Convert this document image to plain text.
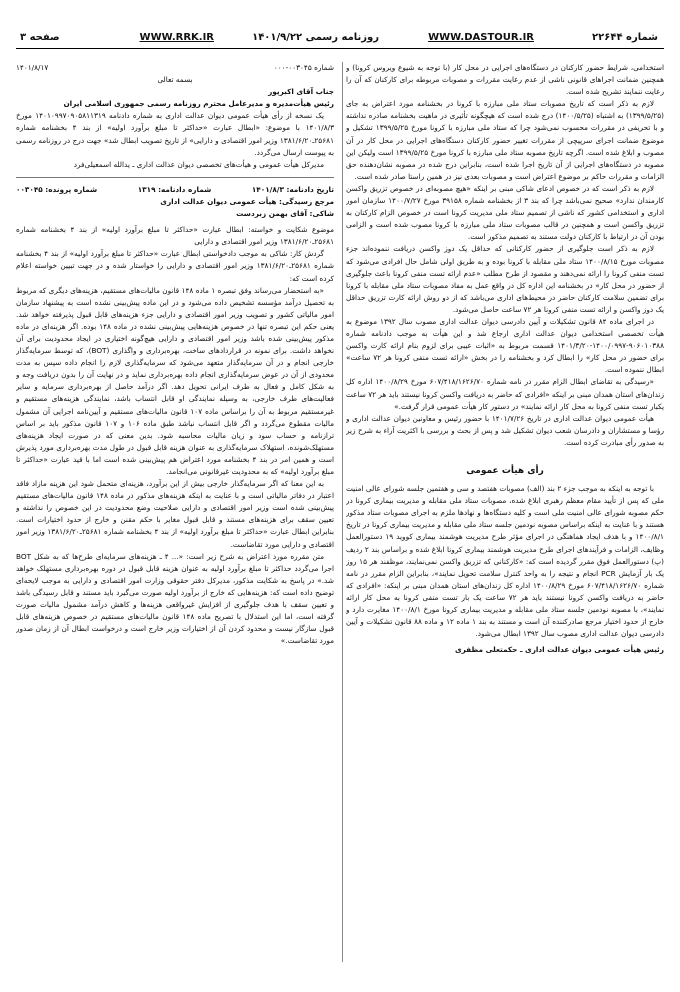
شماره ۲۲۶۴۴
WWW.DASTOUR.IR
روزنامه رسمی ۱۴۰۱/۹/۲۲
WWW.RRK.IR
صفحه ۳

استخدامی، شرایط حضور کارکنان در دستگاه‌های اجرایی در محل کار (با توجه به شیوع ویروس کرونا) و همچنین ضمانت اجراهای قانونی ناشی از عدم رعایت مقررات و مصوبات مربوطه برای کارکنان که آن را رعایت ننمایند تشریح شده است.

لازم به ذکر است که تاریخ مصوبات ستاد ملی مبارزه با کرونا در بخشنامه مورد اعتراض به جای (۱۳۹۹/۵/۲۵) به اشتباه (۱۴۰۰/۵/۲۵) درج شده است که هیچگونه تأثیری در ماهیت بخشنامه صادره نداشته و با تحریفی در مقررات محسوب نمی‌شود چرا که ستاد ملی مبارزه با کرونا مورخ ۱۳۹۹/۵/۲۵ تشکیل و موضوع ضمانت اجرای سرپیچی از مقررات تغییر حضور کارکنان دستگاه‌های اجرایی در محل کار در آن مصوب و ابلاغ شده است. اگرچه تاریخ مصوبه ستاد ملی مبارزه با کرونا مورخ ۱۳۹۹/۵/۲۵ است ولیکن این مصوبه در دستگاه‌های اجرایی از آن تاریخ اجرا شده است، بنابراین درج شده در مصوبه نشان‌دهنده حق الزامات و مقررات حاکم بر موضوع اعتراض است و مصوبات بعدی نیز در همین راستا صادر شده است.

لازم به ذکر است که در خصوص ادعای شاکی مبنی بر اینکه «هیچ مصوبه‌ای در خصوص تزریق واکسن کارمندان ندارد» صحیح نمی‌باشد چرا که بند ۳ از بخشنامه شماره ۳۹۱۵۸ مورخ ۱۴۰۰/۷/۲۷ سازمان امور اداری و استخدامی کشور که ناشی از تصمیم ستاد ملی مدیریت کرونا است در خصوص الزام کارکنان به تزریق واکسن است و همچنین در قالب مصوبات ستاد ملی مبارزه با کرونا مصوب شده است و الزامی بودن آن در ارتباط با کارکنان دولت مستند به تصمیم مذکور است.

لازم به ذکر است جلوگیری از حضور کارکنانی که حداقل یک دوز واکسن دریافت ننموده‌اند جزء مصوبات مورخ ۱۴۰۰/۸/۱۵ ستاد ملی مقابله با کرونا بوده و به طریق اولی شامل حال افرادی می‌شود که تست منفی کرونا را ارائه نمی‌دهند و مقصود از طرح مطلب «عدم ارائه تست منفی کرونا باعث جلوگیری از حضور در محل کار» در بخشنامه این اداره کل در واقع عمل به مفاد مصوبات ستاد ملی مقابله با کرونا برای تضمین سلامت کارکنان حاضر در محیط‌های اداری می‌باشد که از دو روش ارائه کارت تزریق حداقل یک دوز واکسن و ارائه تست منفی کرونا هر ۷۲ ساعت حاصل می‌شود.

در اجرای ماده ۸۴ قانون تشکیلات و آیین دادرسی دیوان عدالت اداری مصوب سال ۱۳۹۲ موضوع به هیأت تخصصی استخدامی دیوان عدالت اداری ارجاع شد و این هیأت به موجب دادنامه شماره ۹۰۶۰۱۰۳۸۸-۱۴۰۰/۰۹۹۷-۱۴۰۱/۳/۲۰ قسمت مربوط به «اثبات عیبی برای لزوم بنام ارائه کارت واکسن برای حضور در محل کار» را ابطال کرد و بخشنامه را در بخش «ارائه تست منفی کرونا هر ۷۲ ساعت» ابطال ننموده است.

«رسیدگی به تقاضای ابطال الزام مقرر در نامه شماره ۶۰۷/۴۱۸/۱۶۲۶/۷۰ مورخ ۱۴۰۰/۸/۲۹ اداره کل زندان‌های استان همدان مبنی بر اینکه «افرادی که حاضر به دریافت واکسن کرونا نیستند باید هر ۷۲ ساعت یکبار تست منفی کرونا به محل کار ارائه نمایند» در دستور کار هیأت عمومی قرار گرفت.»

هیأت عمومی دیوان عدالت اداری در تاریخ ۱۴۰۱/۷/۲۶ با حضور رئیس و معاونین دیوان عدالت اداری و رؤسا و مستشاران و دادرسان شعب دیوان تشکیل شد و پس از بحث و بررسی با اکثریت آراء به شرح زیر به صدور رأی مبادرت کرده است.

رأی هیأت عمومی

با توجه به اینکه به موجب جزء ۲ بند (الف) مصوبات هفتصد و سی و هفتمین جلسه شورای عالی امنیت ملی که پس از تأیید مقام معظم رهبری ابلاغ شده، مصوبات ستاد ملی مقابله و مدیریت بیماری کرونا در حکم مصوبه شورای عالی امنیت ملی است و کلیه دستگاه‌ها و نهادها ملزم به اجرای مصوبات ستاد مذکور هستند و با عنایت به اینکه براساس مصوبه نودمین جلسه ستاد ملی مقابله و مدیریت بیماری کرونا در تاریخ ۱۴۰۰/۸/۱ و با هدف ایجاد هماهنگی در اجرای مؤثر طرح مدیریت هوشمند بیماری کووید ۱۹ دستورالعمل وظایف، الزامات و فرآیندهای اجرای طرح مدیریت هوشمند بیماری کرونا ابلاغ شده و براساس بند ۲ ردیف (پ) دستورالعمل فوق مقرر گردیده است که: «کارکنانی که تزریق واکسن نمی‌نمایند، موظفند هر ۱۵ روز یک بار آزمایش PCR انجام و نتیجه را به واحد کنترل سلامت تحویل نمایند»، بنابراین الزام مقرر در نامه شماره ۶۰۷/۴۱۸/۱۶۲۶/۷۰ مورخ ۱۴۰۰/۸/۲۹ اداره کل زندان‌های استان همدان مبنی بر اینکه: «افرادی که حاضر به دریافت واکسن کرونا نیستند باید هر ۷۲ ساعت یک بار تست منفی کرونا به محل کار ارائه نمایند»، با مصوبه نودمین جلسه ستاد ملی مقابله و مدیریت بیماری کرونا مورخ ۱۴۰۰/۸/۱ مغایرت دارد و خارج از حدود اختیار مرجع صادرکننده آن است و مستند به بند ۱ ماده ۱۲ و ماده ۸۸ قانون تشکیلات و آیین دادرسی دیوان عدالت اداری مصوب سال ۱۳۹۲ ابطال می‌شود.

رئیس هیأت عمومی دیوان عدالت اداری ـ حکمتعلی مظفری

شماره ۰۰۳۰۴۵-۰۰۰
۱۴۰۱/۸/۱۷

بسمه تعالی

جناب آقای اکبرپور

رئیس هیأت‌مدیره و مدیرعامل محترم روزنامه رسمی جمهوری اسلامی ایران

یک نسخه از رأی هیأت عمومی دیوان عدالت اداری به شماره دادنامه ۱۴۰۱۰۹۹۷۰۹۰۵۸۱۱۳۱۹ مورخ ۱۴۰۱/۸/۳ با موضوع: «ابطال عبارت «حداکثر تا مبلغ برآورد اولیه» از بند ۴ بخشنامه شماره ۲۵۶۸۱ـ۱۳۸۱/۶/۲۰ وزیر امور اقتصادی و دارایی» از تاریخ تصویب ابطال شد» جهت درج در روزنامه رسمی به پیوست ارسال می‌گردد.

مدیرکل هیأت عمومی و هیأت‌های تخصصی دیوان عدالت اداری ـ یدالله اسمعیلی‌فرد

تاریخ دادنامه: ۱۴۰۱/۸/۳
شماره دادنامه: ۱۳۱۹
شماره پرونده: ۰۰۳۰۴۵

مرجع رسیدگی: هیأت عمومی دیوان عدالت اداری

شاکی: آقای بهمن زبردست

موضوع شکایت و خواسته: ابطال عبارت «حداکثر تا مبلغ برآورد اولیه» از بند ۴ بخشنامه شماره ۲۵۶۸۱ـ۱۳۸۱/۶/۲۰ وزیر امور اقتصادی و دارایی

گردش کار: شاکی به موجب دادخواستی ابطال عبارت «حداکثر تا مبلغ برآورد اولیه» از بند ۴ بخشنامه شماره ۲۵۶۸۱ـ۱۳۸۱/۶/۲۰ وزیر امور اقتصادی و دارایی را خواستار شده و در جهت تبیین خواسته اعلام کرده است که:

«به استحضار می‌رساند وفق تبصره ۱ ماده ۱۴۸ قانون مالیات‌های مستقیم، هزینه‌های دیگری که مربوط به تحصیل درآمد مؤسسه تشخیص داده می‌شود و در این ماده پیش‌بینی نشده است به پیشنهاد سازمان امور مالیاتی کشور و تصویب وزیر امور اقتصادی و دارایی جزء هزینه‌های قابل قبول پذیرفته خواهد شد. یعنی حکم این تبصره تنها در خصوص هزینه‌هایی پیش‌بینی نشده در ماده ۱۴۸ بوده. اگر هزینه‌ای در ماده مذکور پیش‌بینی شده باشد وزیر امور اقتصادی و دارایی هیچ‌گونه اختیاری در ایجاد محدودیت برای آن نخواهد داشت. برای نمونه در قراردادهای ساخت، بهره‌برداری و واگذاری (BOT)، که توسط سرمایه‌گذار خارجی انجام و در آن سرمایه‌گذار متعهد می‌شود که سرمایه‌گذاری لازم را انجام داده سپس به مدت محدودی از آن در عوض سرمایه‌گذاری انجام داده بهره‌برداری نماید و در نهایت آن را بدون دریافت وجه و به شکل کامل و فعال به طرف ایرانی تحویل دهد. اگر درآمد حاصل از بهره‌برداری سرمایه و سایر فعالیت‌های طرف خارجی، به وسیله نمایندگی او قابل انتساب باشد، نمایندگی هزینه‌های مستقیم و غیرمستقیم مربوط به آن را براساس ماده ۱۰۷ قانون مالیات‌های مستقیم و آیین‌نامه اجرایی آن مشمول مالیات مقطوع می‌گردد و اگر قابل انتساب نباشد طبق ماده ۱۰۶ و ۱۰۷ قانون مذکور باید بر اساس ترازنامه و حساب سود و زیان مالیات محاسبه شود. بدین معنی که در صورت ایجاد هزینه‌های مستهلک‌شونده، استهلاک سرمایه‌گذاری به عنوان هزینه قابل قبول در طول مدت بهره‌برداری مورد پذیرش است و همین امر در بند ۴ بخشنامه مورد اعتراض هم پیش‌بینی شده است اما با قید عبارت «حداکثر تا مبلغ برآورد اولیه» که به محدودیت غیرقانونی می‌انجامد.

به این معنا که اگر سرمایه‌گذار خارجی بیش از این برآورد، هزینه‌ای متحمل شود این هزینه مازاد فاقد اعتبار در دفاتر مالیاتی است و با عنایت به اینکه هزینه‌های مذکور در ماده ۱۴۸ قانون مالیات‌های مستقیم پیش‌بینی شده است وزیر امور اقتصادی و دارایی صلاحیت وضع محدودیت در این خصوص را نداشته و تعیین سقف برای هزینه‌های مستند و قابل قبول مغایر با حکم مقنن و خارج از حدود اختیارات است. بنابراین ابطال عبارت «حداکثر تا مبلغ برآورد اولیه» از بند ۴ بخشنامه شماره ۲۵۶۸۱ـ۱۳۸۱/۶/۲۰ وزیر امور اقتصادی و دارایی مورد تقاضاست.

متن مقرره مورد اعتراض به شرح زیر است: «... ۴ ـ هزینه‌های سرمایه‌ای طرح‌ها که به شکل BOT اجرا می‌گردد حداکثر تا مبلغ برآورد اولیه به عنوان هزینه قابل قبول در دوره بهره‌برداری مستهلک خواهد شد.» در پاسخ به شکایت مذکور، مدیرکل دفتر حقوقی وزارت امور اقتصادی و دارایی به موجب لایحه‌ای توضیح داده است که: هزینه‌هایی که خارج از برآورد اولیه صورت می‌گیرد باید مستند و قابل رسیدگی باشد و تعیین سقف با هدف جلوگیری از افزایش غیرواقعی هزینه‌ها و کاهش درآمد مشمول مالیات صورت گرفته است، اما این استدلال با تصریح ماده ۱۴۸ قانون مالیات‌های مستقیم در خصوص هزینه‌های قابل قبول سازگار نیست و محدود کردن آن از اختیارات وزیر خارج است و درخواست ابطال آن از زمان صدور مورد تقاضاست.»
